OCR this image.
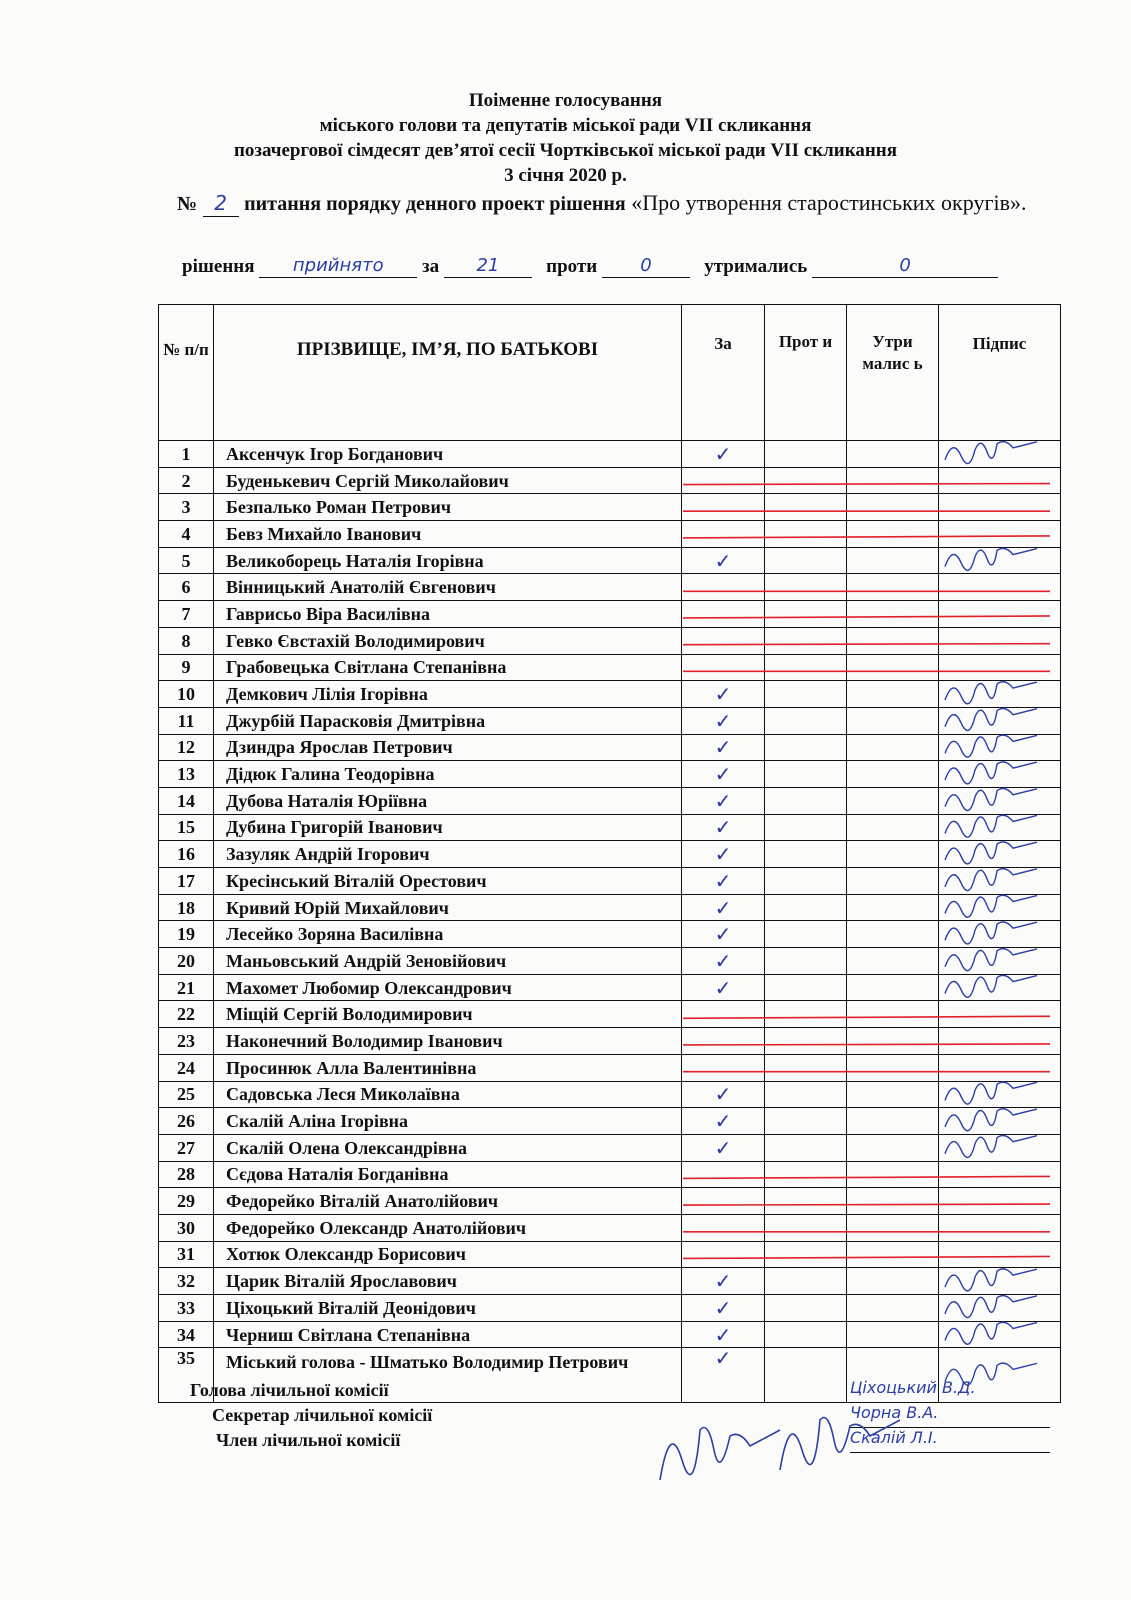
Поіменне голосування
міського голови та депутатів міської ради VII скликання
позачергової сімдесят дев’ятої сесії Чортківської міської ради VII скликання
3 січня 2020 р.
№ 2 питання порядку денного проект рішення «Про утворення старостинських округів».
рішення прийнято за 21 проти 0	утримались	0
№ п/п	ПРІЗВИЩЕ, ІМ’Я, ПО БАТЬКОВІ	За	Прот и	Утри малис ь	Підпис
1	Аксенчук Ігор Богданович	✓			
2	Буденькевич Сергій Миколайович				
3	Безпалько Роман Петрович				
4	Бевз Михайло Іванович				
5	Великоборець Наталія Ігорівна	✓			
6	Вінницький Анатолій Євгенович				
7	Гаврисьо Віра Василівна				
8	Гевко Євстахій Володимирович				
9	Грабовецька Світлана Степанівна				
10	Демкович Лілія Ігорівна	✓			
11	Джурбій Парасковія Дмитрівна	✓			
12	Дзиндра Ярослав Петрович	✓			
13	Дідюк Галина Теодорівна	✓			
14	Дубова Наталія Юріївна	✓			
15	Дубина Григорій Іванович	✓			
16	Зазуляк Андрій Ігорович	✓			
17	Кресінський Віталій Орестович	✓			
18	Кривий Юрій Михайлович	✓			
19	Лесейко Зоряна Василівна	✓			
20	Маньовський Андрій Зеновійович	✓			
21	Махомет Любомир Олександрович	✓			
22	Міщій Сергій Володимирович				
23	Наконечний Володимир Іванович				
24	Просинюк Алла Валентинівна				
25	Садовська Леся Миколаївна	✓			
26	Скалій Аліна Ігорівна	✓			
27	Скалій Олена Олександрівна	✓			
28	Сєдова Наталія Богданівна				
29	Федорейко Віталій Анатолійович				
30	Федорейко Олександр Анатолійович				
31	Хотюк Олександр Борисович				
32	Царик Віталій Ярославович	✓			
33	Ціхоцький Віталій Деонідович	✓			
34	Черниш Світлана Степанівна	✓			
35	Міський голова - Шматько Володимир Петрович	✓			
Голова лічильної комісії
Секретар лічильної комісії
Член лічильної комісії
Ціхоцький В.Д.
Чорна В.А.
Скалій Л.І.
